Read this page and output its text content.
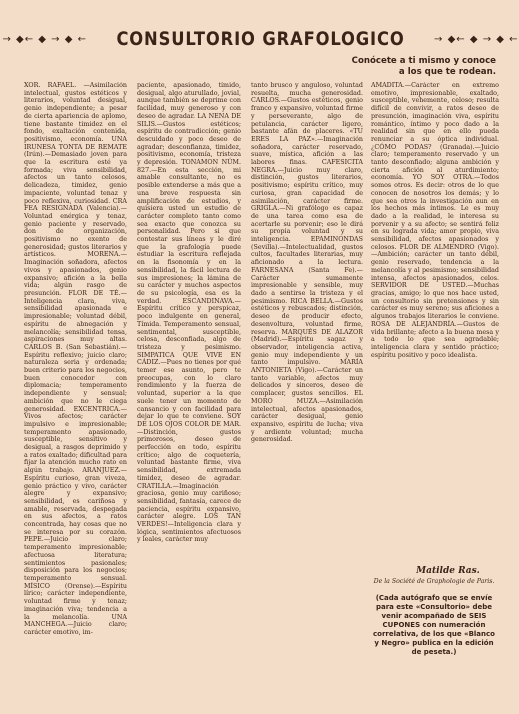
→ ◆← ◆ → ◆ ← CONSULTORIO GRAFOLOGICO	→ ◆← ◆ → ◆ ←
Conócete a ti mismo y conoce a los que te rodean.
XOR. RAFAEL. —Asimilación intelectual, gustos estéticos y literarios, voluntad desigual, genio independiente; a pesar de cierta apariencia de aplomo, tiene bastante timidez en el fondo, exaltación contenida, positivismo, economía. UNA IRUNESA TONTA DE REMATE (Irún).—Demasiado joven para que la escritura esté ya formada; viva sensibilidad, afectos un tanto celosos, delicadeza, timidez, genio impaciente, voluntad tenaz y poco reflexiva, curiosidad. CRA FEA RESIGNADA (Valencia).—Voluntad enérgica y tenaz, genio paciente y reservado, don de organización, positivismo no exento de generosidad; gustos literarios y artísticos. MORENA.—Imaginación soñadora, afectos vivos y apasionados, genio expansivo; afición a la bella vida; algún rasgo de presunción. FLOR DE TÉ.—Inteligencia clara, viva, sensibilidad apasionada e impresionable; voluntad débil, espíritu de abnegación y melancolía; sensibilidad tensa, aspiraciones muy altas. CARLOS B. (San Sebastián).—Espíritu reflexivo; juicio claro; naturaleza seria y ordenada; buen criterio para los negocios, buen conocedor con diplomacia; temperamento independiente y sensual; ambición que no le ciega generosidad. EXCENTRICA.—Vivos afectos; carácter impulsivo e impresionable; temperamento apasionado, susceptible, sensitivo y desigual, a rasgos deprimido y a ratos exaltado; dificultad para fijar la atención mucho rato en algún trabajo. ARANJUEZ.—Espíritu curioso, gran viveza, genio práctico y vivo, carácter alegre y expansivo; sensibilidad, es cariñosa y amable, reservada, despegada en sus afectos, a ratos concentrada, hay cosas que no se interesa por su corazón. PEPE.—Juicio claro; temperamento impresionable; afectuosa literatura; sentimientos pasionales; disposición para los negocios; temperamento sensual. MÍSICO (Orense).—Espíritu lírico; carácter independiente, voluntad firme y tenaz; imaginación viva; tendencia a la melancolía. UNA MANCHEGA.—Juicio claro; carácter emotivo, im-
paciente, apasionado, tímido, desigual, algo aturullado, jovial, aunque también se deprime con facilidad, muy generoso y con deseo de agradar. LA NENA DE SILIS.—Gustos estéticos; espíritu de contradicción; genio descuidado y poco deseo de agradar; desconfianza, timidez, positivismo, economía, tristeza y depresión. TONAMON NÚM. 827.—En esta sección, mi amable consultante, no es posible extenderse a más que a una breve respuesta sin amplificación de estudios, y quisiera usted un estudio de carácter completo tanto como sea exacto que conozca su personalidad. Pero si que contestar sus líneas y le diré que la grafología puede estudiar la escritura reflejada en la fisonomía y en la sensibilidad, la fácil lectura de sus impresiones; la lámina de su carácter y muchos aspectos de su psicología, esa es la verdad. ESCANDINAVA.—Espíritu crítico y perspicaz, poco indulgente en general, Tímida. Temperamento sensual, sentimental, susceptible, celosa, desconfiada, algo de tristeza y pesimismo. SIMPATICA QUE VIVE EN CÁDIZ.—Pues no tienes por qué temer ese asunto, pero te preocupas, con lo claro rendimiento y la fuerza de voluntad, superior a la que suele tener un momento de cansancio y con facilidad para dejar lo que te conviene. SOY DE LOS OJOS COLOR DE MAR.—Distinción, gustos primorosos, deseo de perfección en todo, espíritu crítico; algo de coquetería, voluntad bastante firme, viva sensibilidad, extremada timidez, deseo de agradar. CRATILLA.—Imaginación graciosa, genio muy cariñoso; sensibilidad, fantasía, carece de paciencia, espíritu expansivo, carácter alegre. LOS TAN VERDES!—Inteligencia clara y lógica, sentimientos afectuosos y leales, carácter muy
tanto brusco y anguloso, voluntad resuelta, mucha generosidad. CARLOS.—Gustos estéticos, genio franco y expansivo, voluntad firme y perseverante, algo de petulancia, carácter ligero, bastante afán de placeres. «TU ERES LA PAZ».—Imaginación soñadora, carácter reservado, suave, mística, afición a las labores finas. CAFESICITA NEGRA.—Juicio muy claro, distinción, gustos literarios, positivismo; espíritu crítico, muy curiosa, gran capacidad de asimilación, carácter firme. GRIGLA.—Ni grafólogo es capaz de una tarea como esa de acertarle su porvenir; eso le dirá su propia voluntad y su inteligencia. EPAMINONDAS (Sevilla).—Intelectualidad, gustos cultos, facultades literarias, muy aficionado a la lectura. FARNESANA (Santa Fe).—Carácter sumamente impresionable y sensible, muy dado a sentirse la tristeza y el pesimismo. RICA BELLA.—Gustos estéticos y rebuscados; distinción, deseo de producir efecto, desenvoltura, voluntad firme, reserva. MARQUÉS DE ALAZOR (Madrid).—Espíritu sagaz y observador, inteligencia activa, genio muy independiente y un tanto impulsivo. MARÍA ANTONIETA (Vigo).—Carácter un tanto variable, afectos muy delicados y sinceros, deseo de complacer, gustos sencillos. EL MORO MUZA.—Asimilación intelectual, afectos apasionados, carácter desigual, genio expansivo, espíritu de lucha; viva y ardiente voluntad; mucha generosidad.
AMADITA.—Carácter en extremo emotivo, impresionable, exaltado, susceptible, vehemente, celoso; resulta difícil de convivir, a ratos deseo de presunción, imaginación viva, espíritu romántico, íntimo y poco dado a la realidad sin que en ello pueda renunciar a su óptica individual. ¿CÓMO PODAS? (Granada).—Juicio claro; temperamento reservado y un tanto desconfiado; alguna ambición y cierta afición al aturdimiento; economía. YO SOY OTRA.—Todos somos otros. Es decir: otros de lo que conocen de nosotros los demás; y lo que sea otros la investigación aun en los hechos más íntimos. Le es muy dado a la realidad, le interesa su porvenir y a su afecto; se sentirá feliz en su lograda vida; amor propio, viva sensibilidad, afectos apasionados y celosos. FLOR DE ALMENDRO (Vigo).—Ambición; carácter un tanto débil, genio reservado, tendencia a la melancolía y al pesimismo; sensibilidad intensa, afectos apasionados, celos. SERVIDOR DE USTED.—Muchas gracias, amigo; lo que nos hace usted, un consultorio sin pretensiones y sin carácter es muy sereno; sus aficiones a algunos trabajos literarios le conviene. ROSA DE ALEJANDRÍA.—Gustos de vida brillante; afecto a la buena mesa y a todo lo que sea agradable; inteligencia clara y sentido práctico; espíritu positivo y poco idealista.
Matilde Ras.
De la Société de Graphologie de Paris.
(Cada autógrafo que se envíe para este «Consultorio» debe venir acompañado de SEIS CUPONES con numeración correlativa, de los que «Blanco y Negro» publica en la edición de peseta.)
